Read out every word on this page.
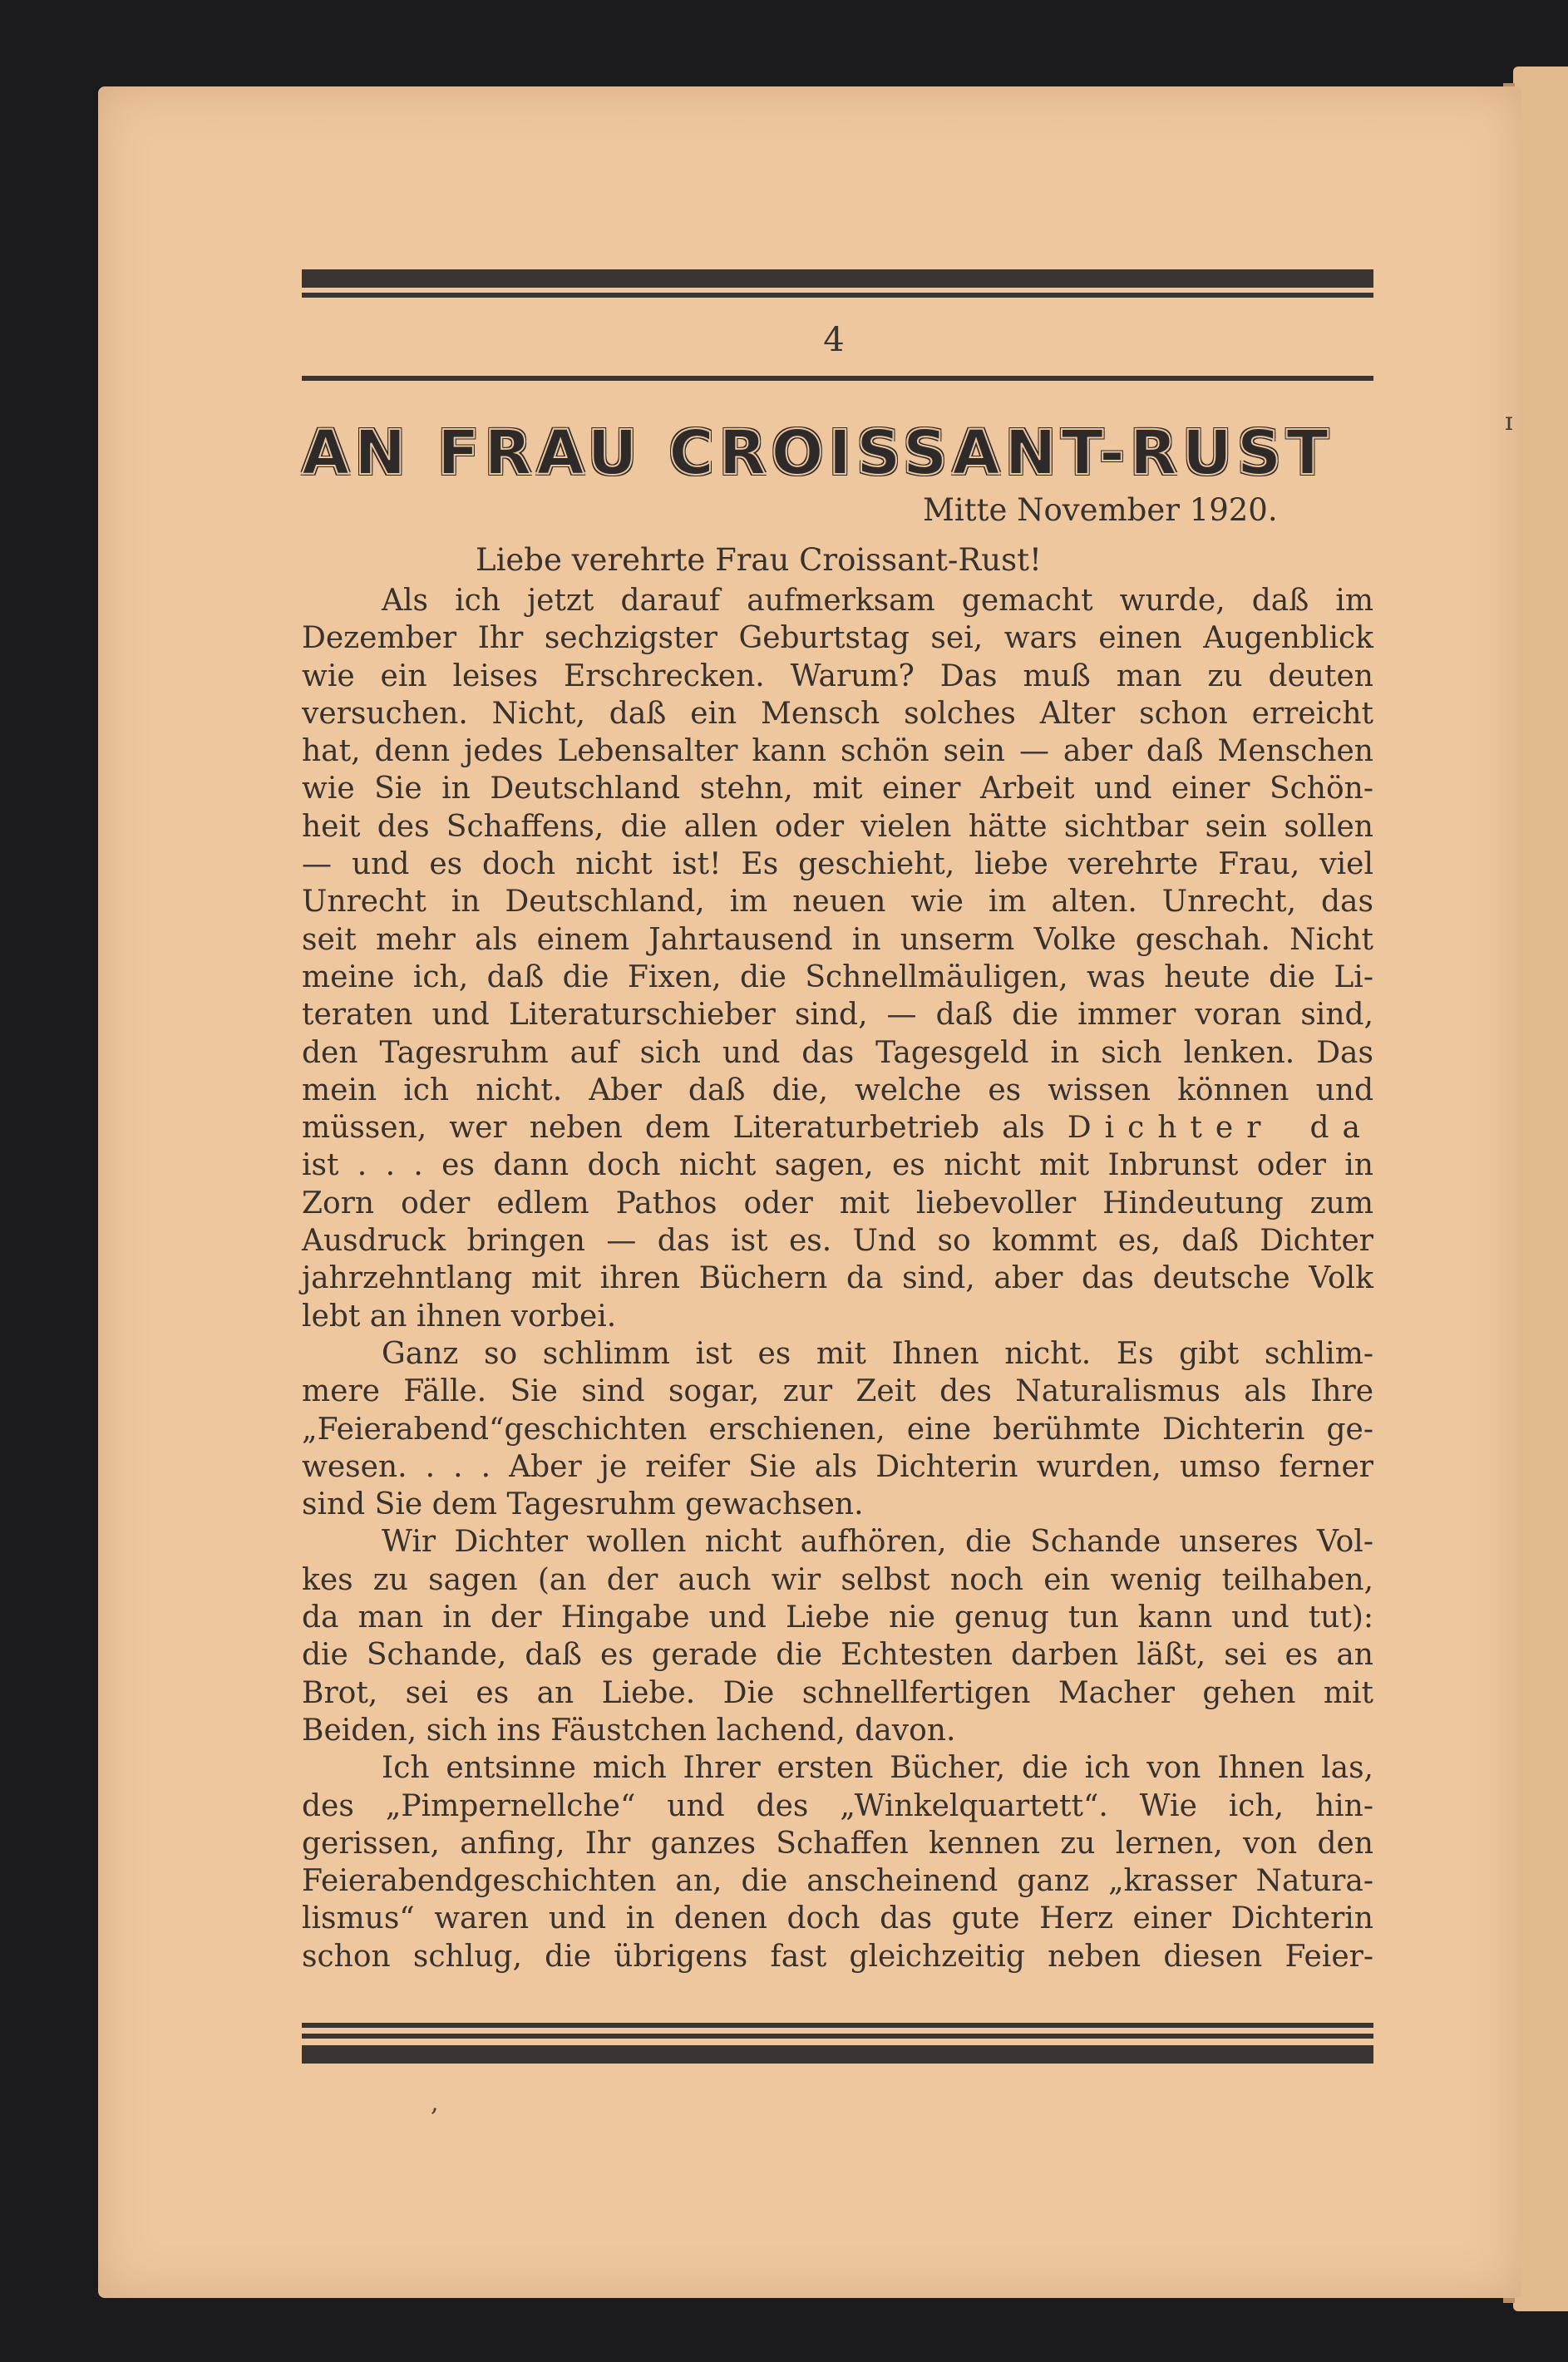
4
AN FRAU CROISSANT-RUST
Mitte November 1920.
Liebe verehrte Frau Croissant-Rust!
Als ich jetzt darauf aufmerksam gemacht wurde, daß im
Dezember Ihr sechzigster Geburtstag sei, wars einen Augenblick
wie ein leises Erschrecken. Warum? Das muß man zu deuten
versuchen. Nicht, daß ein Mensch solches Alter schon erreicht
hat, denn jedes Lebensalter kann schön sein — aber daß Menschen
wie Sie in Deutschland stehn, mit einer Arbeit und einer Schön-
heit des Schaffens, die allen oder vielen hätte sichtbar sein sollen
— und es doch nicht ist! Es geschieht, liebe verehrte Frau, viel
Unrecht in Deutschland, im neuen wie im alten. Unrecht, das
seit mehr als einem Jahrtausend in unserm Volke geschah. Nicht
meine ich, daß die Fixen, die Schnellmäuligen, was heute die Li-
teraten und Literaturschieber sind, — daß die immer voran sind,
den Tagesruhm auf sich und das Tagesgeld in sich lenken. Das
mein ich nicht. Aber daß die, welche es wissen können und
müssen, wer neben dem Literaturbetrieb als Dichter da
ist . . . es dann doch nicht sagen, es nicht mit Inbrunst oder in
Zorn oder edlem Pathos oder mit liebevoller Hindeutung zum
Ausdruck bringen — das ist es. Und so kommt es, daß Dichter
jahrzehntlang mit ihren Büchern da sind, aber das deutsche Volk
lebt an ihnen vorbei.
Ganz so schlimm ist es mit Ihnen nicht. Es gibt schlim-
mere Fälle. Sie sind sogar, zur Zeit des Naturalismus als Ihre
„Feierabend“geschichten erschienen, eine berühmte Dichterin ge-
wesen. . . . Aber je reifer Sie als Dichterin wurden, umso ferner
sind Sie dem Tagesruhm gewachsen.
Wir Dichter wollen nicht aufhören, die Schande unseres Vol-
kes zu sagen (an der auch wir selbst noch ein wenig teilhaben,
da man in der Hingabe und Liebe nie genug tun kann und tut):
die Schande, daß es gerade die Echtesten darben läßt, sei es an
Brot, sei es an Liebe. Die schnellfertigen Macher gehen mit
Beiden, sich ins Fäustchen lachend, davon.
Ich entsinne mich Ihrer ersten Bücher, die ich von Ihnen las,
des „Pimpernellche“ und des „Winkelquartett“. Wie ich, hin-
gerissen, anfing, Ihr ganzes Schaffen kennen zu lernen, von den
Feierabendgeschichten an, die anscheinend ganz „krasser Natura-
lismus“ waren und in denen doch das gute Herz einer Dichterin
schon schlug, die übrigens fast gleichzeitig neben diesen Feier-
ɪ
,
